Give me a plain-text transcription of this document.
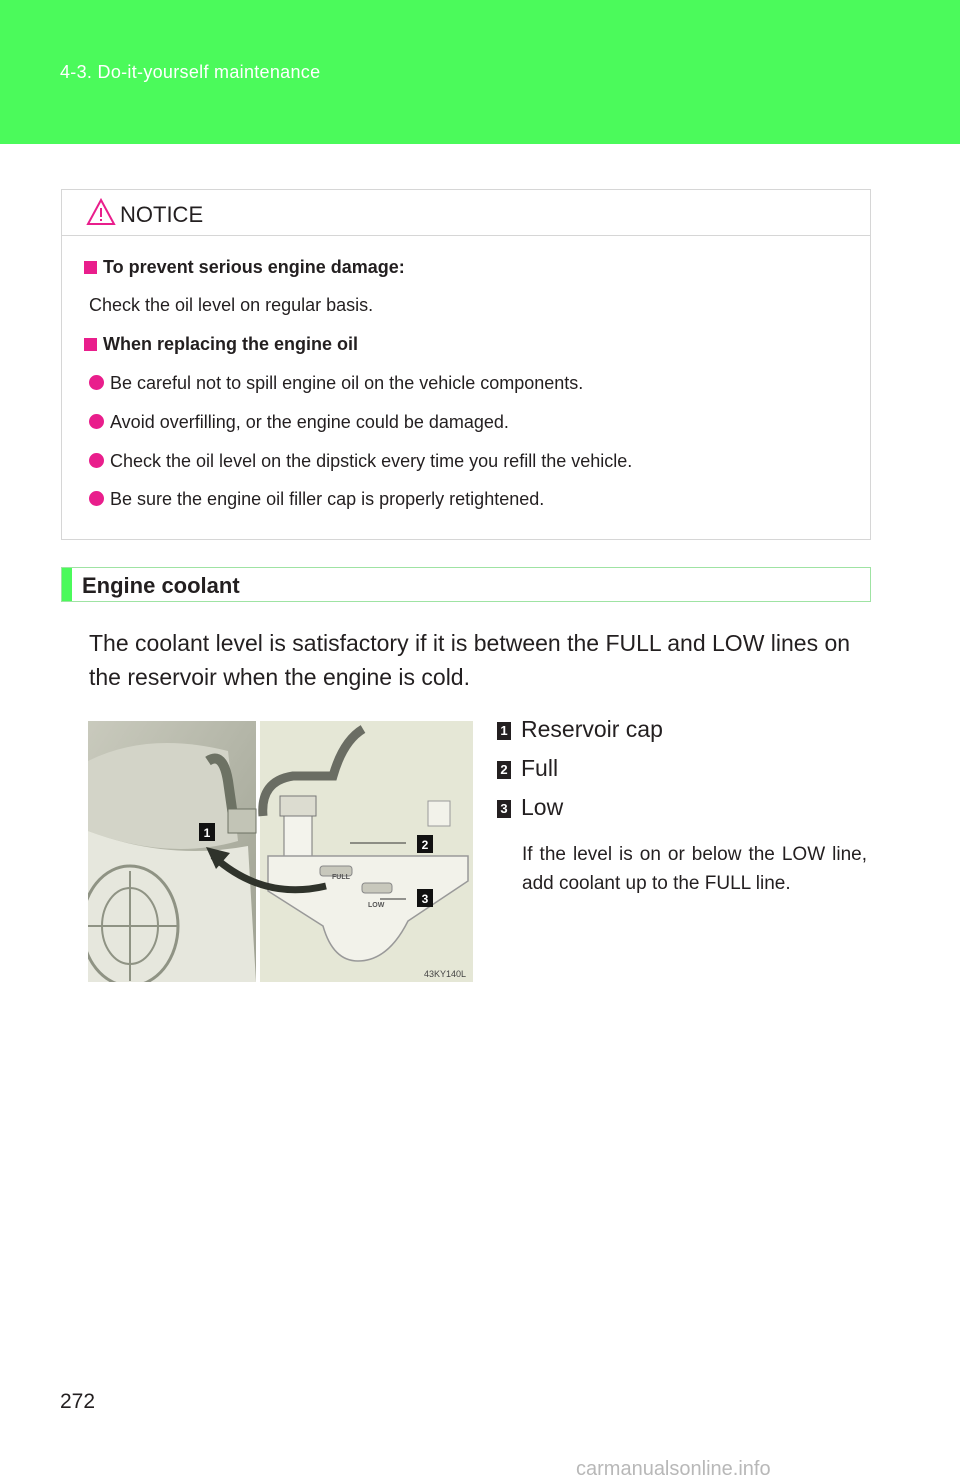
4-3. Do-it-yourself maintenance
NOTICE
To prevent serious engine damage:
Check the oil level on regular basis.
When replacing the engine oil
Be careful not to spill engine oil on the vehicle components.
Avoid overfilling, or the engine could be damaged.
Check the oil level on the dipstick every time you refill the vehicle.
Be sure the engine oil filler cap is properly retightened.
Engine coolant
The coolant level is satisfactory if it is between the FULL and LOW lines on the reservoir when the engine is cold.
FULL
LOW
1
2
3
43KY140L
1 Reservoir cap
2 Full
3 Low
If the level is on or below the LOW line, add coolant up to the FULL line.
272
carmanualsonline.info
